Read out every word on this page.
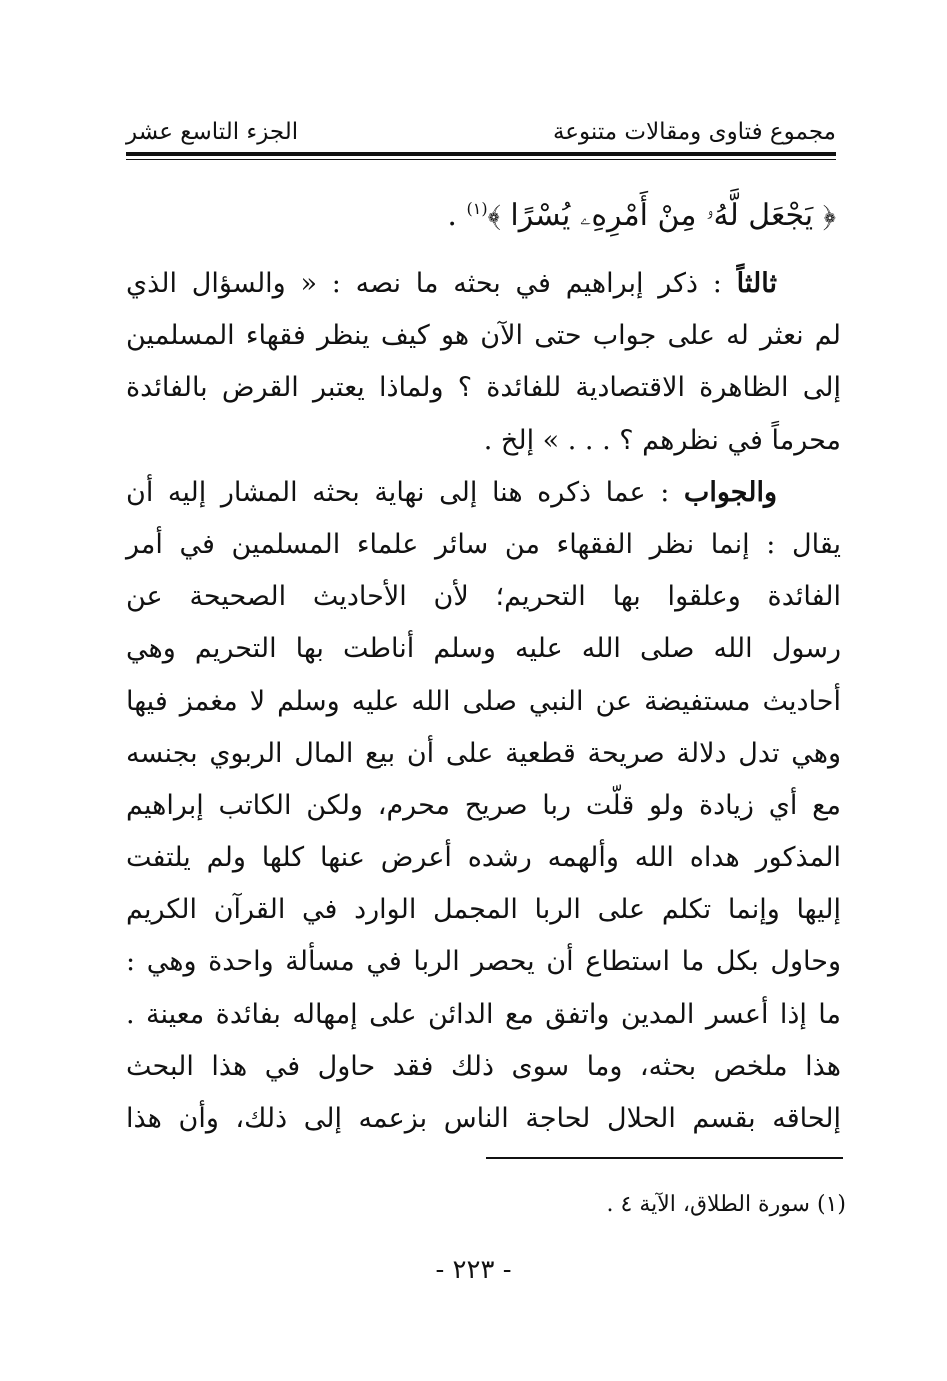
مجموع فتاوى ومقالات متنوعة
الجزء التاسع عشر
﴿ يَجْعَل لَّهُۥ مِنْ أَمْرِهِۦ يُسْرًا ﴾$^{(١)}$ .
ثالثاً : ذكر إبراهيم في بحثه ما نصه : « والسؤال الذي
لم نعثر له على جواب حتى الآن هو كيف ينظر فقهاء المسلمين
إلى الظاهرة الاقتصادية للفائدة ؟ ولماذا يعتبر القرض بالفائدة
محرماً في نظرهم ؟ . . . » إلخ .
والجواب : عما ذكره هنا إلى نهاية بحثه المشار إليه أن
يقال : إنما نظر الفقهاء من سائر علماء المسلمين في أمر
الفائدة وعلقوا بها التحريم؛ لأن الأحاديث الصحيحة عن
رسول الله صلى الله عليه وسلم أناطت بها التحريم وهي
أحاديث مستفيضة عن النبي صلى الله عليه وسلم لا مغمز فيها
وهي تدل دلالة صريحة قطعية على أن بيع المال الربوي بجنسه
مع أي زيادة ولو قلّت ربا صريح محرم، ولكن الكاتب إبراهيم
المذكور هداه الله وألهمه رشده أعرض عنها كلها ولم يلتفت
إليها وإنما تكلم على الربا المجمل الوارد في القرآن الكريم
وحاول بكل ما استطاع أن يحصر الربا في مسألة واحدة وهي :
ما إذا أعسر المدين واتفق مع الدائن على إمهاله بفائدة معينة .
هذا ملخص بحثه، وما سوى ذلك فقد حاول في هذا البحث
إلحاقه بقسم الحلال لحاجة الناس بزعمه إلى ذلك، وأن هذا
(١) سورة الطلاق، الآية ٤ .
- ٢٢٣ -
